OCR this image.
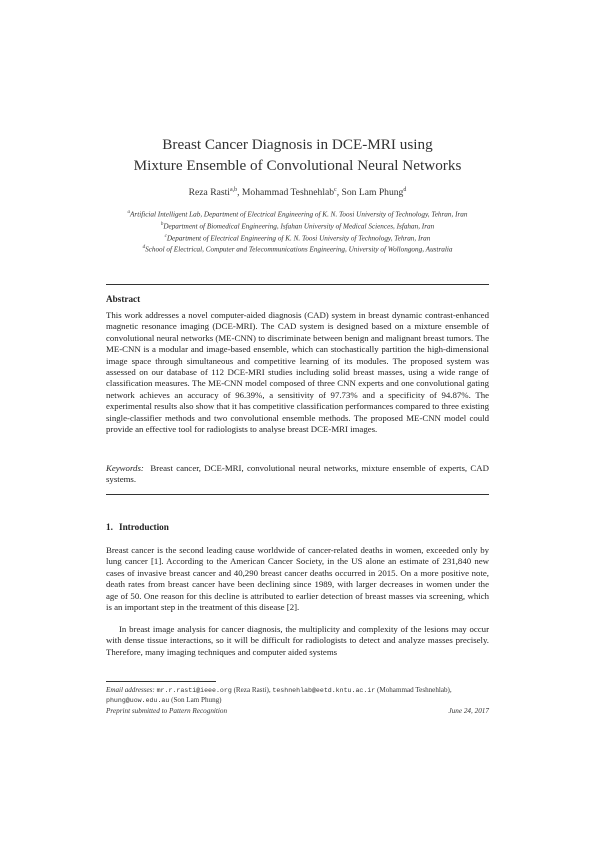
Breast Cancer Diagnosis in DCE-MRI using
Mixture Ensemble of Convolutional Neural Networks
Reza Rasti$^{a,b}$, Mohammad Teshnehlab$^c$, Son Lam Phung$^d$
$^a$Artificial Intelligent Lab, Department of Electrical Engineering of K. N. Toosi University of Technology, Tehran, Iran
$^b$Department of Biomedical Engineering, Isfahan University of Medical Sciences, Isfahan, Iran
$^c$Department of Electrical Engineering of K. N. Toosi University of Technology, Tehran, Iran
$^d$School of Electrical, Computer and Telecommunications Engineering, University of Wollongong, Australia
Abstract
This work addresses a novel computer-aided diagnosis (CAD) system in breast dynamic contrast-enhanced magnetic resonance imaging (DCE-MRI). The CAD system is designed based on a mixture ensemble of convolutional neural networks (ME-CNN) to discriminate between benign and malignant breast tumors. The ME-CNN is a modular and image-based ensemble, which can stochastically partition the high-dimensional image space through simultaneous and competitive learning of its modules. The proposed system was assessed on our database of 112 DCE-MRI studies including solid breast masses, using a wide range of classification measures. The ME-CNN model composed of three CNN experts and one convolutional gating network achieves an accuracy of 96.39%, a sensitivity of 97.73% and a specificity of 94.87%. The experimental results also show that it has competitive classification performances compared to three existing single-classifier methods and two convolutional ensemble methods. The proposed ME-CNN model could provide an effective tool for radiologists to analyse breast DCE-MRI images.
Keywords: Breast cancer, DCE-MRI, convolutional neural networks, mixture ensemble of experts, CAD systems.
1. Introduction
Breast cancer is the second leading cause worldwide of cancer-related deaths in women, exceeded only by lung cancer [1]. According to the American Cancer Society, in the US alone an estimate of 231,840 new cases of invasive breast cancer and 40,290 breast cancer deaths occurred in 2015. On a more positive note, death rates from breast cancer have been declining since 1989, with larger decreases in women under the age of 50. One reason for this decline is attributed to earlier detection of breast masses via screening, which is an important step in the treatment of this disease [2].
In breast image analysis for cancer diagnosis, the multiplicity and complexity of the lesions may occur with dense tissue interactions, so it will be difficult for radiologists to detect and analyze masses precisely. Therefore, many imaging techniques and computer aided systems
Email addresses: mr.r.rasti@ieee.org (Reza Rasti), teshnehlab@eetd.kntu.ac.ir (Mohammad Teshnehlab), phung@uow.edu.au (Son Lam Phung)
Preprint submitted to Pattern Recognition	June 24, 2017
